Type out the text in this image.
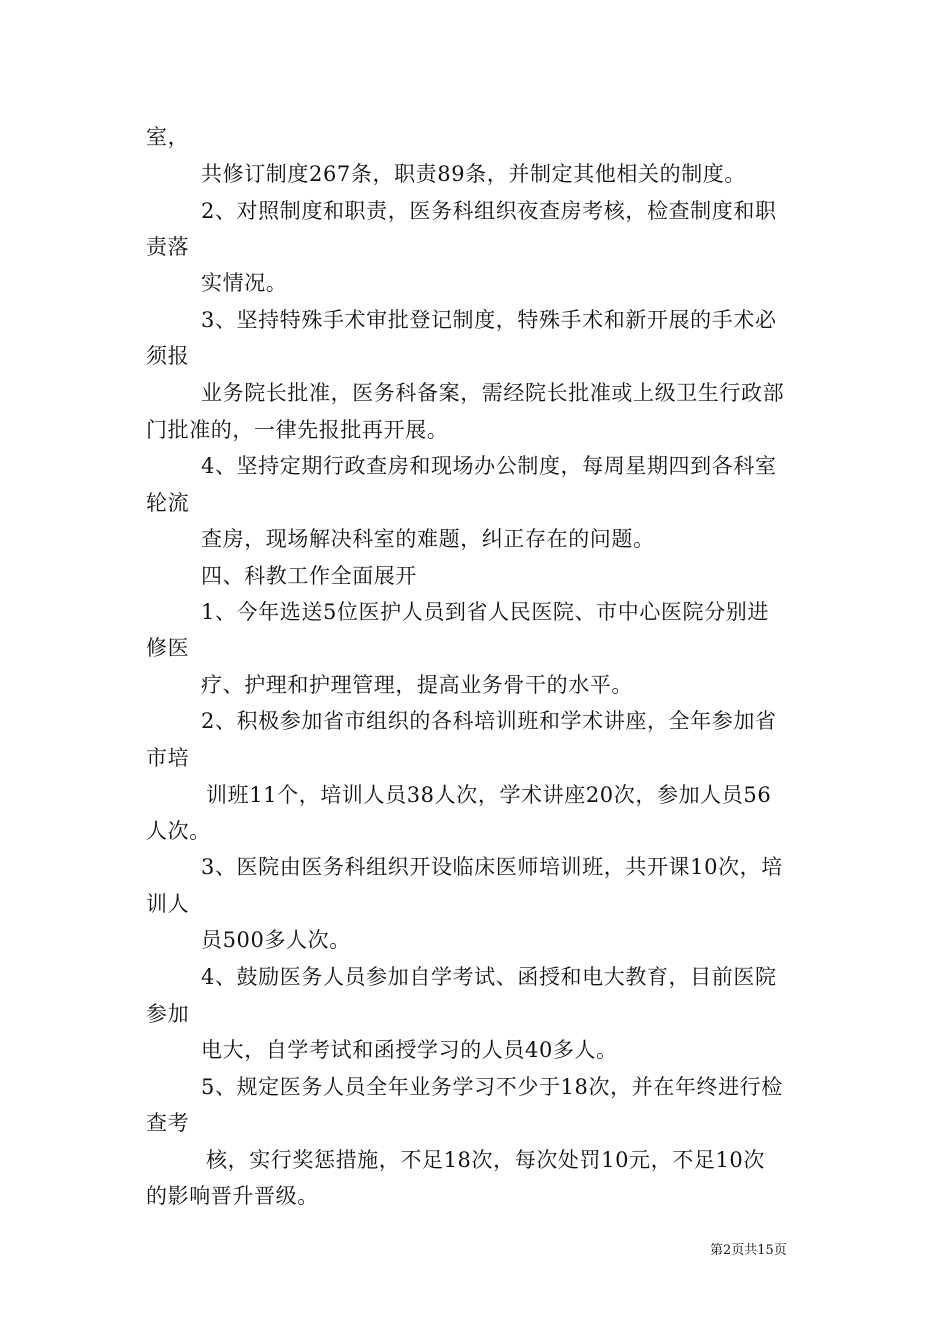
室，
共修订制度267条，职责89条，并制定其他相关的制度。
2、对照制度和职责，医务科组织夜查房考核，检查制度和职
责落
实情况。
3、坚持特殊手术审批登记制度，特殊手术和新开展的手术必
须报
业务院长批准，医务科备案，需经院长批准或上级卫生行政部
门批准的，一律先报批再开展。
4、坚持定期行政查房和现场办公制度，每周星期四到各科室
轮流
查房，现场解决科室的难题，纠正存在的问题。
四、科教工作全面展开
1、今年选送5位医护人员到省人民医院、市中心医院分别进
修医
疗、护理和护理管理，提高业务骨干的水平。
2、积极参加省市组织的各科培训班和学术讲座，全年参加省
市培
训班11个，培训人员38人次，学术讲座20次，参加人员56
人次。
3、医院由医务科组织开设临床医师培训班，共开课10次，培
训人
员500多人次。
4、鼓励医务人员参加自学考试、函授和电大教育，目前医院
参加
电大，自学考试和函授学习的人员40多人。
5、规定医务人员全年业务学习不少于18次，并在年终进行检
查考
核，实行奖惩措施，不足18次，每次处罚10元，不足10次
的影响晋升晋级。
第2页共15页
